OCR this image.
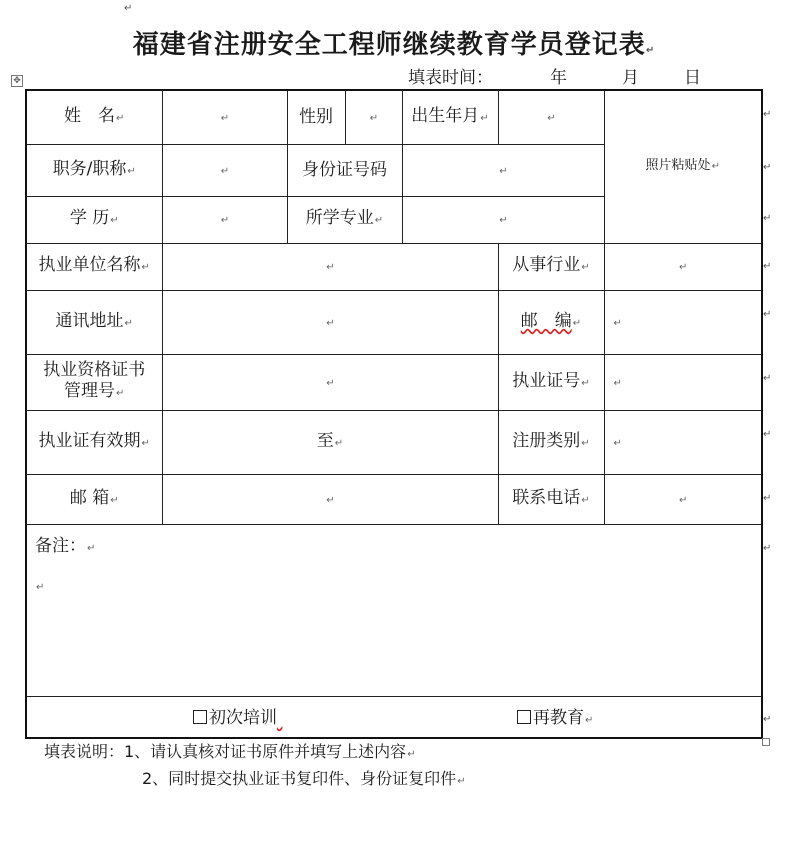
↵
福建省注册安全工程师继续教育学员登记表↵
✥	填表时间：	年	月	日
姓　名↵	↵	性别	↵	出生年月↵	↵	照片粘贴处↵
职务/职称↵	↵	身份证号码		↵		
学 历↵	↵	所学专业↵		↵		
执业单位名称↵	↵				从事行业↵	↵
通讯地址↵	↵				邮　编↵	↵
执业资格证书
管理号↵	↵				执业证号↵	↵
执业证有效期↵	至↵				注册类别↵	↵
邮 箱↵	↵				联系电话↵	↵
备注：↵
↵						

初次培训 再教育↵						
↵
↵
↵
↵
↵
↵
↵
↵
↵
↵
填表说明：1、请认真核对证书原件并填写上述内容↵
2、同时提交执业证书复印件、身份证复印件↵
